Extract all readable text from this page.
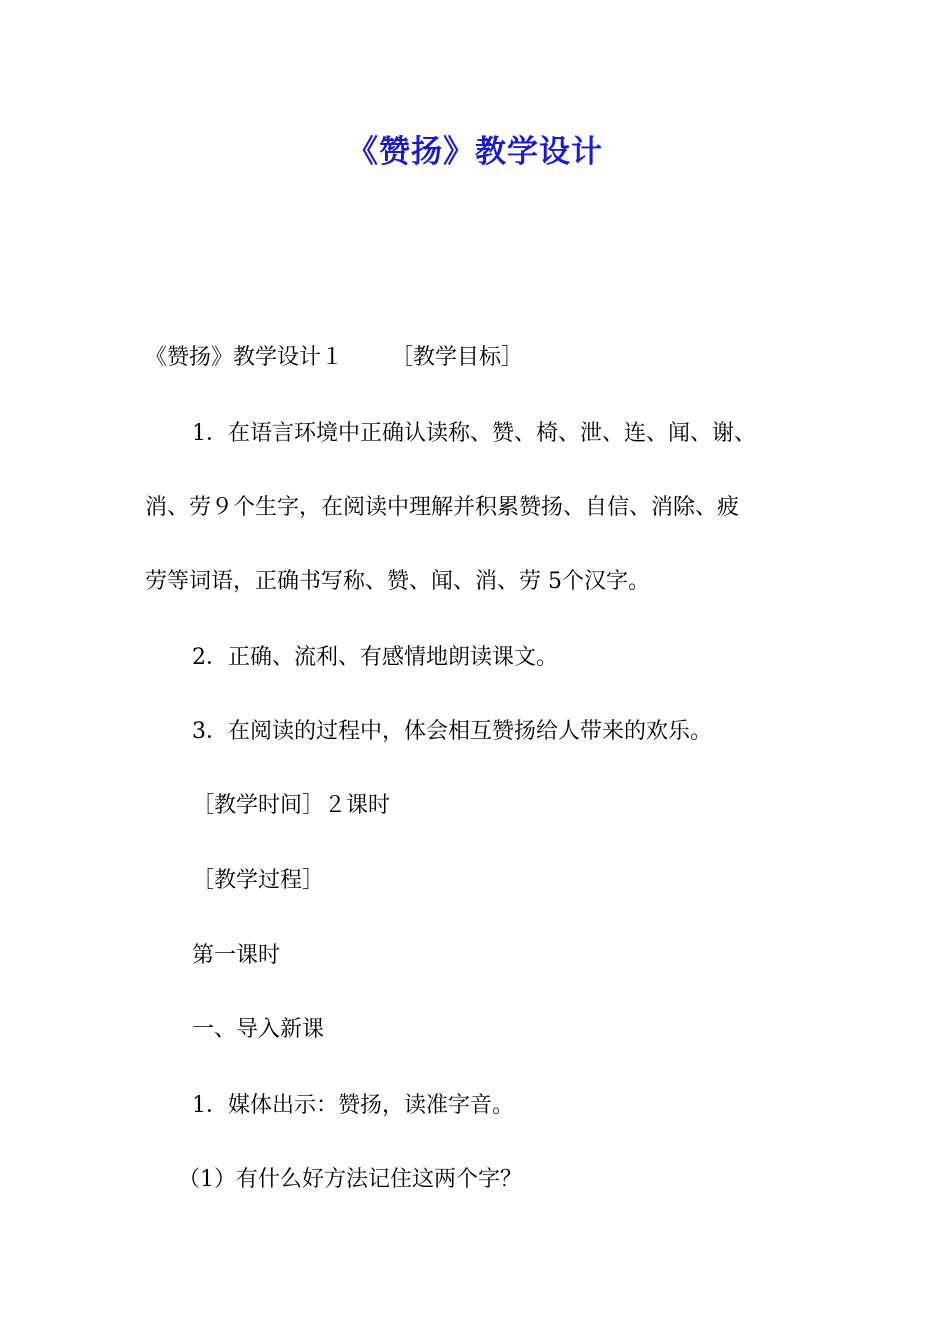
《赞扬》教学设计
《赞扬》教学设计１ ［教学目标］
1．在语言环境中正确认读称、赞、椅、泄、连、闻、谢、
消、劳９个生字，在阅读中理解并积累赞扬、自信、消除、疲
劳等词语，正确书写称、赞、闻、消、劳 5个汉字。
2．正确、流利、有感情地朗读课文。
3．在阅读的过程中，体会相互赞扬给人带来的欢乐。
［教学时间］２课时
［教学过程］
第一课时
一、导入新课
1．媒体出示：赞扬，读准字音。
（1）有什么好方法记住这两个字？
